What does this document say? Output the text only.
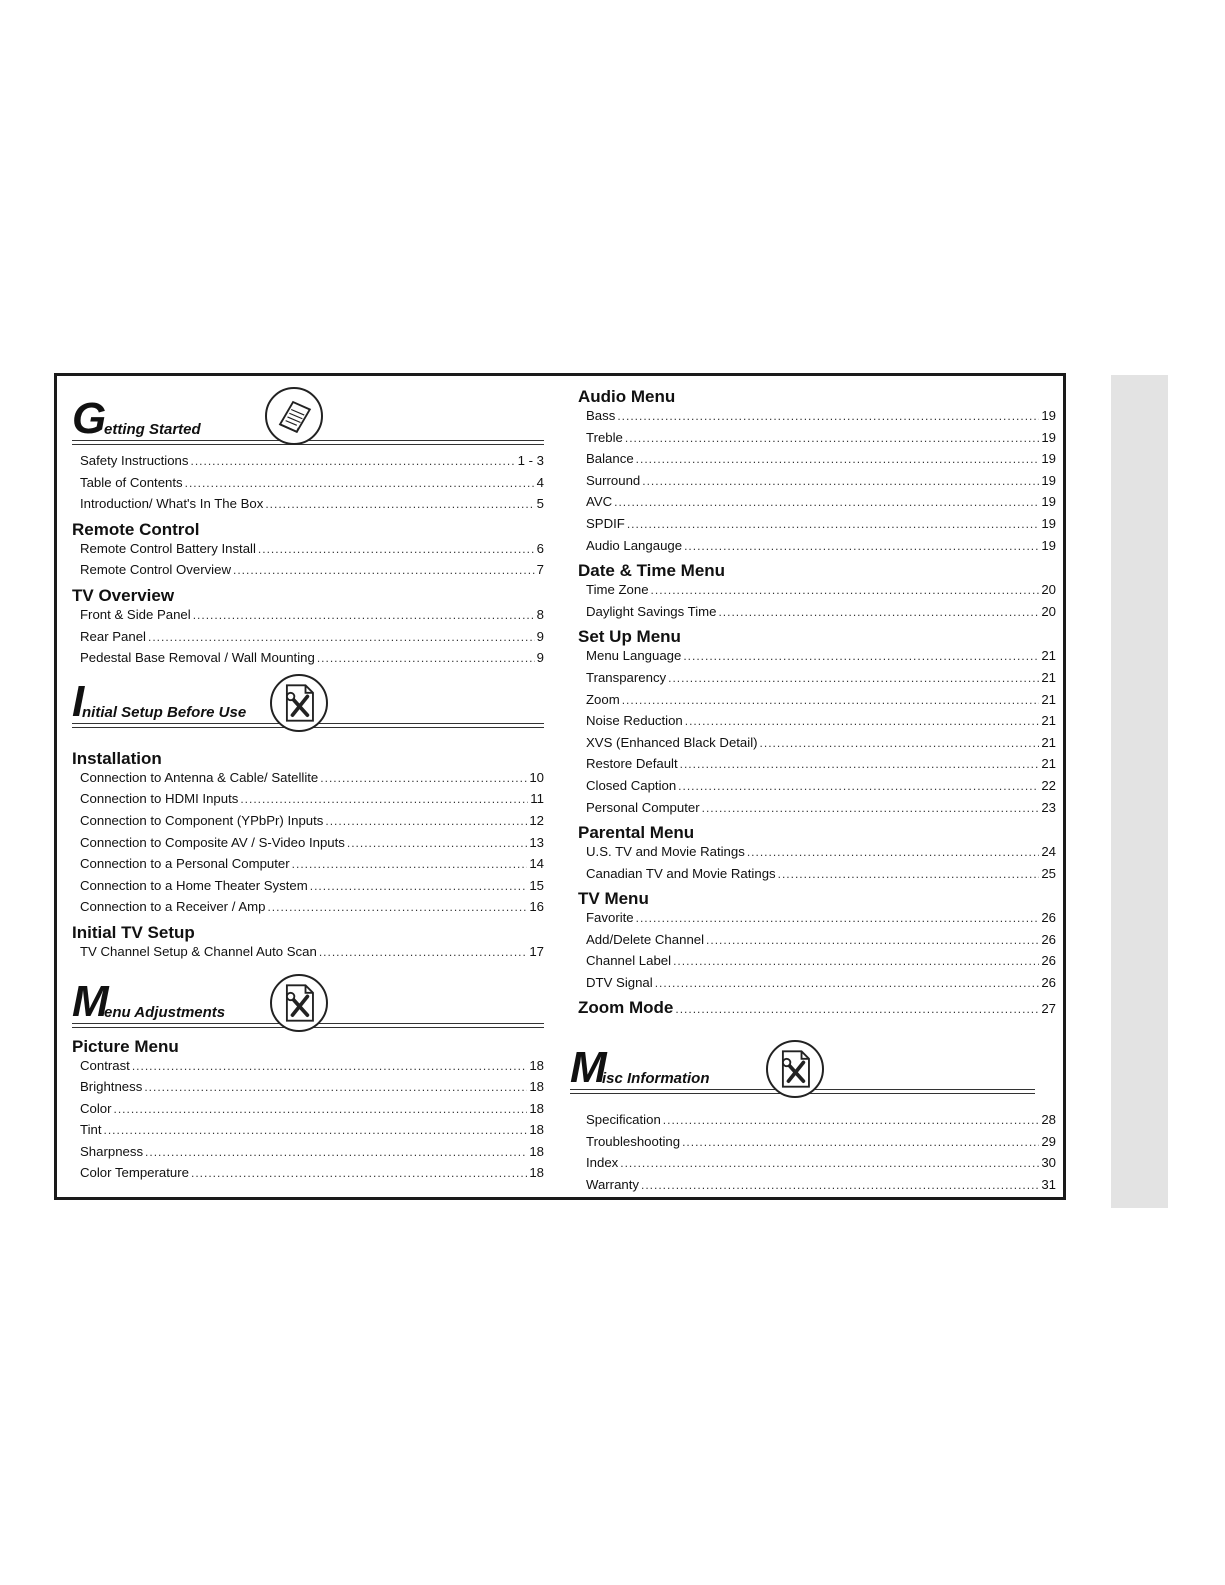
G
etting Started
Safety Instructions .....	1 - 3
Table of Contents .....	4
Introduction/ What's In The Box .....	5
Remote Control
Remote Control Battery Install .....	6
Remote Control Overview .....	7
TV Overview
Front & Side Panel .....	8
Rear Panel .....	9
Pedestal Base Removal / Wall Mounting .....	9
I
nitial Setup Before Use
Installation
Connection to Antenna & Cable/ Satellite .....	10
Connection to HDMI Inputs .....	11
Connection to Component (YPbPr) Inputs .....	12
Connection to Composite AV / S-Video Inputs .....	13
Connection to a Personal Computer .....	14
Connection to a Home Theater System .....	15
Connection to a Receiver / Amp .....	16
Initial TV Setup
TV Channel Setup & Channel Auto Scan .....	17
M
enu Adjustments
Picture Menu
Contrast .....	18
Brightness .....	18
Color .....	18
Tint .....	18
Sharpness .....	18
Color Temperature .....	18
Audio Menu
Bass .....	19
Treble .....	19
Balance .....	19
Surround .....	19
AVC .....	19
SPDIF .....	19
Audio Langauge .....	19
Date & Time Menu
Time Zone .....	20
Daylight Savings Time .....	20
Set Up Menu
Menu Language .....	21
Transparency .....	21
Zoom .....	21
Noise Reduction .....	21
XVS (Enhanced Black Detail) .....	21
Restore Default .....	21
Closed Caption .....	22
Personal Computer .....	23
Parental Menu
U.S. TV and Movie Ratings .....	24
Canadian TV and Movie Ratings .....	25
TV Menu
Favorite .....	26
Add/Delete Channel .....	26
Channel Label .....	26
DTV Signal .....	26
Zoom Mode .....	27
M
isc Information
Specification .....	28
Troubleshooting .....	29
Index .....	30
Warranty .....	31
